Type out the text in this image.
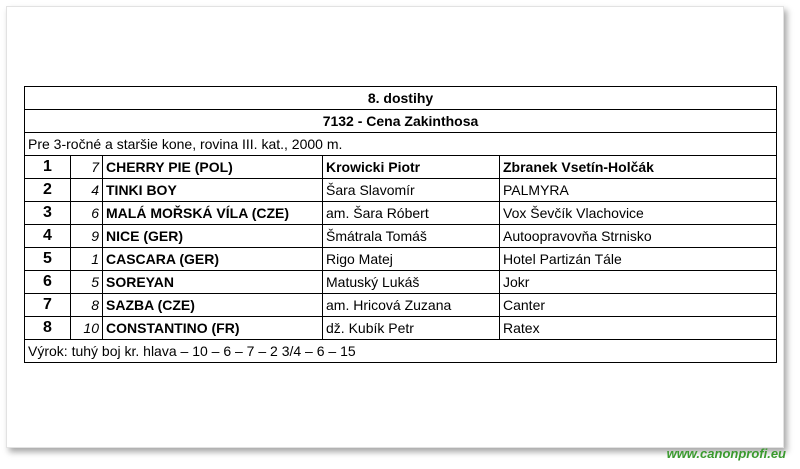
8. dostihy				
7132 - Cena Zakinthosa				
Pre 3-ročné a staršie kone, rovina III. kat., 2000 m.				
1	7	CHERRY PIE (POL)	Krowicki Piotr	Zbranek Vsetín-Holčák
2	4	TINKI BOY	Šara Slavomír	PALMYRA
3	6	MALÁ MOŘSKÁ VÍLA (CZE)	am. Šara Róbert	Vox Ševčík Vlachovice
4	9	NICE (GER)	Šmátrala Tomáš	Autoopravovňa Strnisko
5	1	CASCARA (GER)	Rigo Matej	Hotel Partizán Tále
6	5	SOREYAN	Matuský Lukáš	Jokr
7	8	SAZBA (CZE)	am. Hricová Zuzana	Canter
8	10	CONSTANTINO (FR)	dž. Kubík Petr	Ratex
Výrok: tuhý boj kr. hlava – 10 – 6 – 7 – 2 3/4 – 6 – 15				
www.canonprofi.eu
